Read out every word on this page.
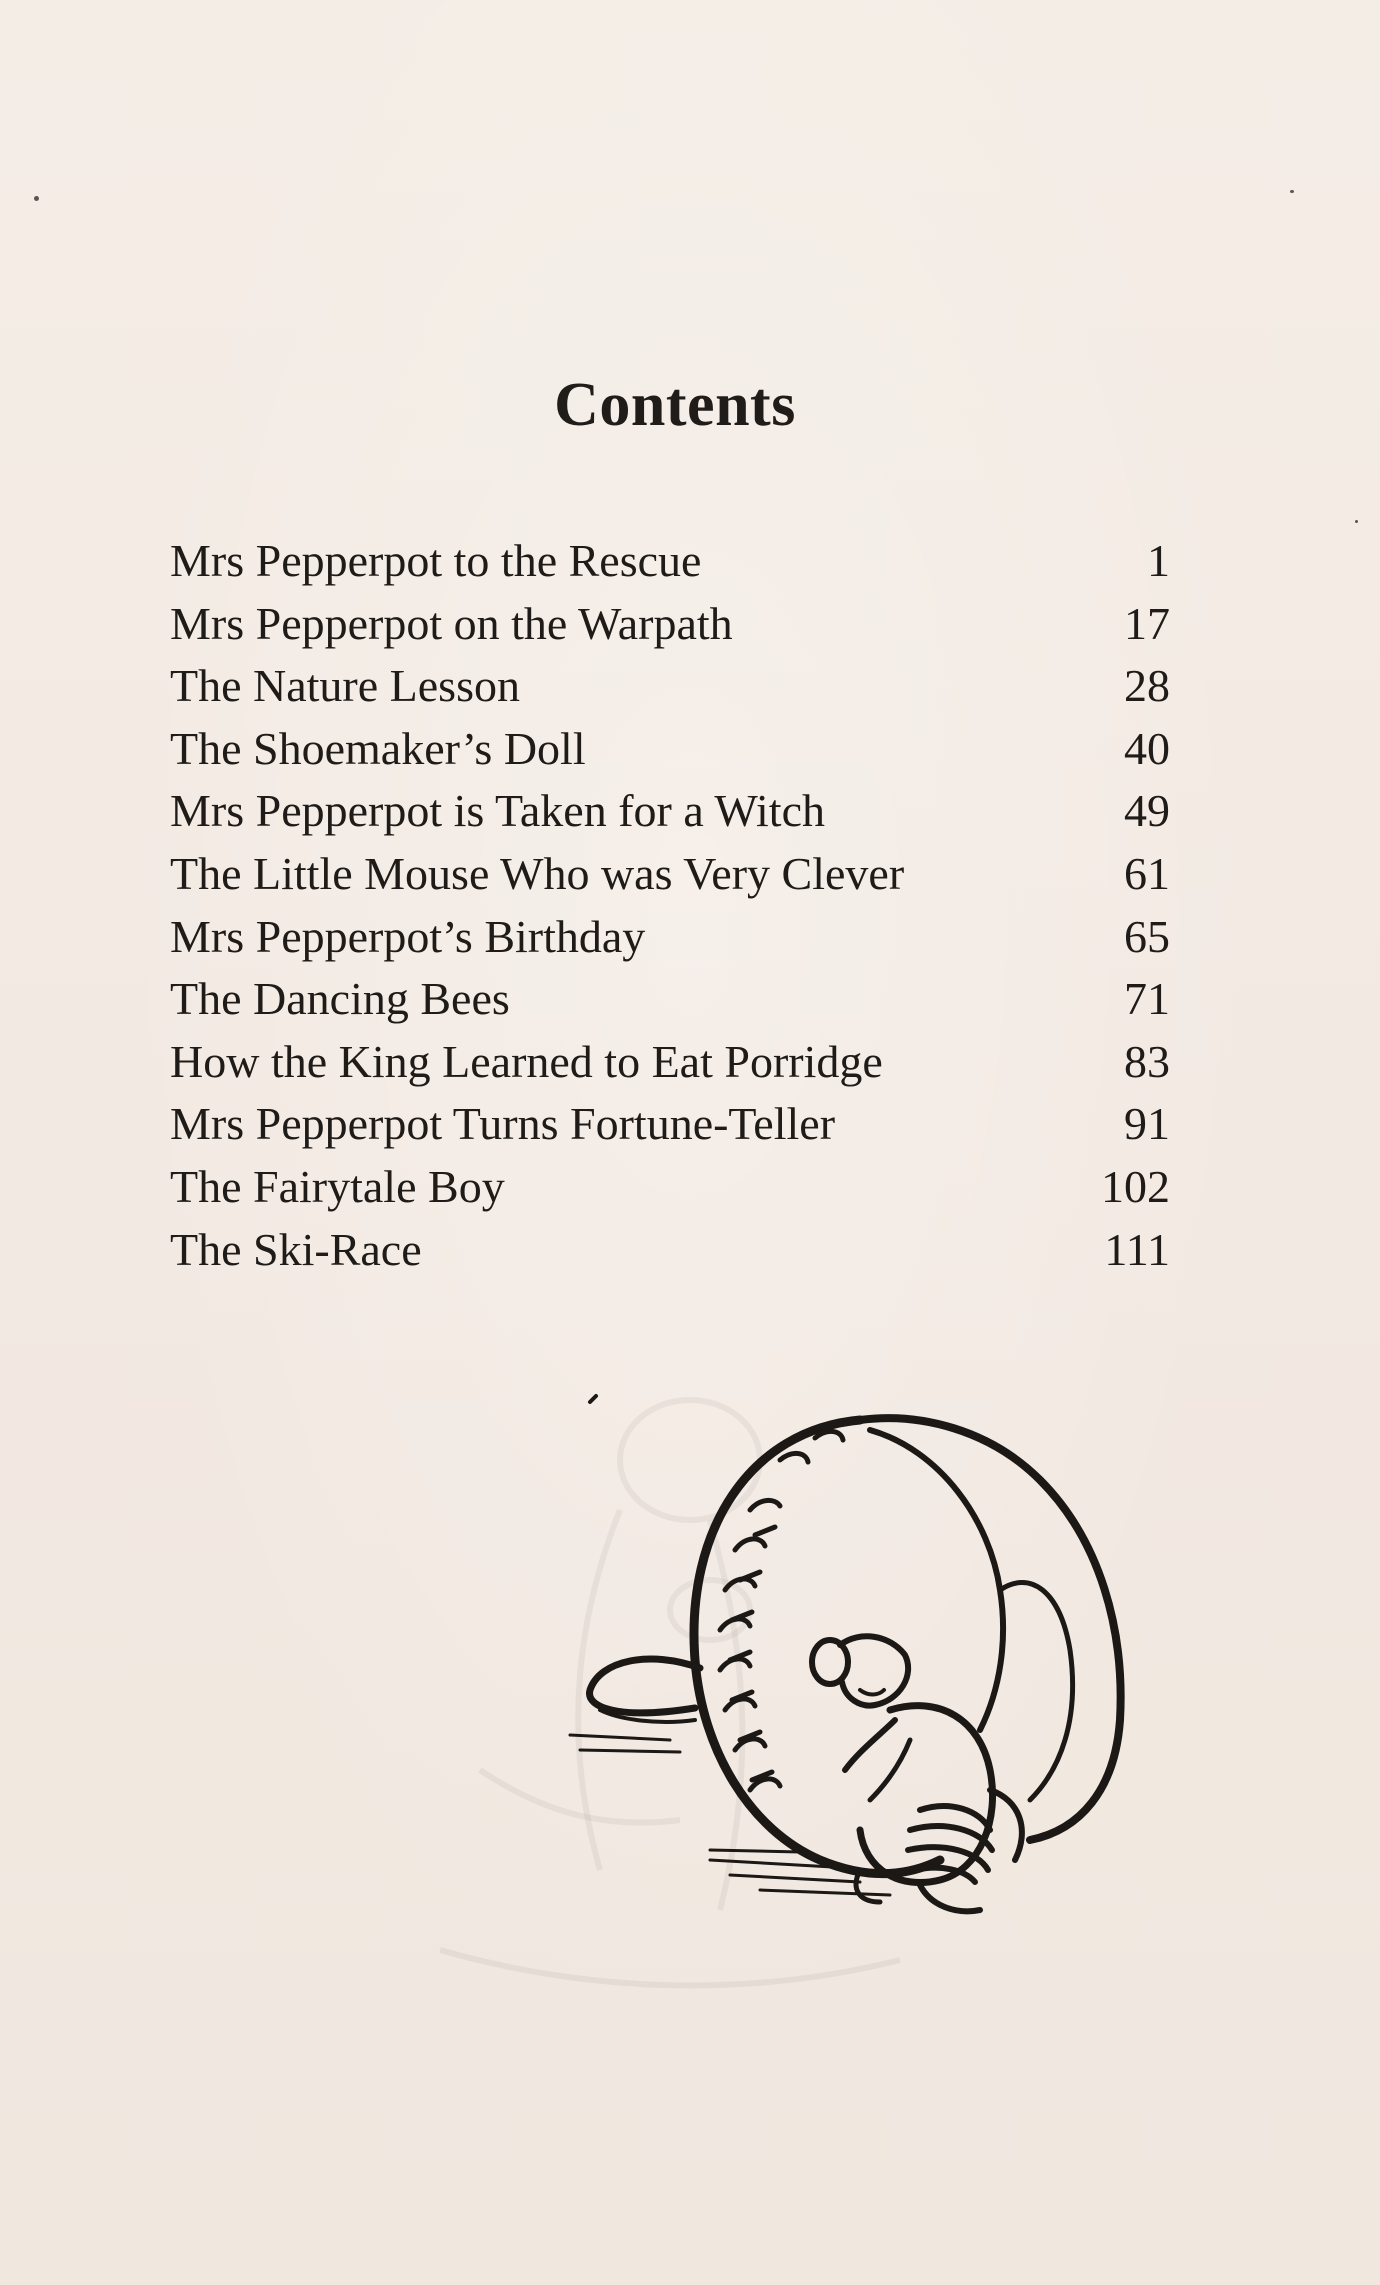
Contents
Mrs Pepperpot to the Rescue	1
Mrs Pepperpot on the Warpath	17
The Nature Lesson	28
The Shoemaker’s Doll	40
Mrs Pepperpot is Taken for a Witch	49
The Little Mouse Who was Very Clever	61
Mrs Pepperpot’s Birthday	65
The Dancing Bees	71
How the King Learned to Eat Porridge	83
Mrs Pepperpot Turns Fortune-Teller	91
The Fairytale Boy	102
The Ski-Race	111
